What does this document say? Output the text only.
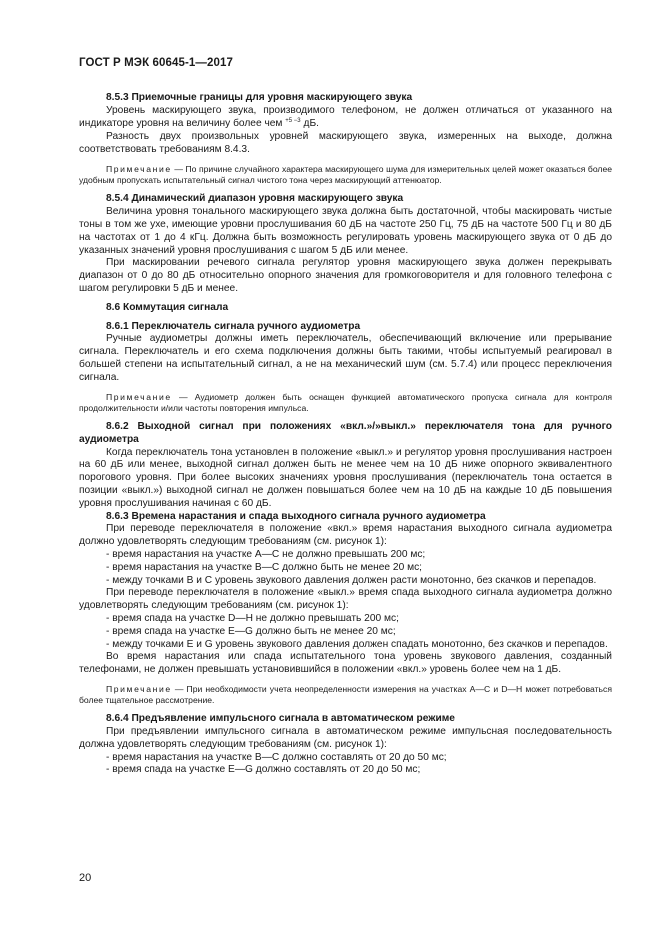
ГОСТ Р МЭК 60645-1—2017

8.5.3 Приемочные границы для уровня маскирующего звука

Уровень маскирующего звука, производимого телефоном, не должен отличаться от указанного на индикаторе уровня на величину более чем $^{+5 -3}$ дБ.

Разность двух произвольных уровней маскирующего звука, измеренных на выходе, должна соответствовать требованиям 8.4.3.

Примечание — По причине случайного характера маскирующего шума для измерительных целей может оказаться более удобным пропускать испытательный сигнал чистого тона через маскирующий аттенюатор.

8.5.4 Динамический диапазон уровня маскирующего звука

Величина уровня тонального маскирующего звука должна быть достаточной, чтобы маскировать чистые тоны в том же ухе, имеющие уровни прослушивания 60 дБ на частоте 250 Гц, 75 дБ на частоте 500 Гц и 80 дБ на частотах от 1 до 4 кГц. Должна быть возможность регулировать уровень маскирующего звука от 0 дБ до указанных значений уровня прослушивания с шагом 5 дБ или менее.

При маскировании речевого сигнала регулятор уровня маскирующего звука должен перекрывать диапазон от 0 до 80 дБ относительно опорного значения для громкоговорителя и для головного телефона с шагом регулировки 5 дБ и менее.

8.6 Коммутация сигнала

8.6.1 Переключатель сигнала ручного аудиометра

Ручные аудиометры должны иметь переключатель, обеспечивающий включение или прерывание сигнала. Переключатель и его схема подключения должны быть такими, чтобы испытуемый реагировал в большей степени на испытательный сигнал, а не на механический шум (см. 5.7.4) или процесс переключения сигнала.

Примечание — Аудиометр должен быть оснащен функцией автоматического пропуска сигнала для контроля продолжительности и/или частоты повторения импульса.

8.6.2 Выходной сигнал при положениях «вкл.»/»выкл.» переключателя тона для ручного аудиометра

Когда переключатель тона установлен в положение «выкл.» и регулятор уровня прослушивания настроен на 60 дБ или менее, выходной сигнал должен быть не менее чем на 10 дБ ниже опорного эквивалентного порогового уровня. При более высоких значениях уровня прослушивания (переключатель тона остается в позиции «выкл.») выходной сигнал не должен повышаться более чем на 10 дБ на каждые 10 дБ повышения уровня прослушивания начиная с 60 дБ.

8.6.3 Времена нарастания и спада выходного сигнала ручного аудиометра

При переводе переключателя в положение «вкл.» время нарастания выходного сигнала аудиометра должно удовлетворять следующим требованиям (см. рисунок 1):

- время нарастания на участке A—C не должно превышать 200 мс;

- время нарастания на участке B—C должно быть не менее 20 мс;

- между точками B и C уровень звукового давления должен расти монотонно, без скачков и перепадов.

При переводе переключателя в положение «выкл.» время спада выходного сигнала аудиометра должно удовлетворять следующим требованиям (см. рисунок 1):

- время спада на участке D—H не должно превышать 200 мс;

- время спада на участке E—G должно быть не менее 20 мс;

- между точками E и G уровень звукового давления должен спадать монотонно, без скачков и перепадов.

Во время нарастания или спада испытательного тона уровень звукового давления, созданный телефонами, не должен превышать установившийся в положении «вкл.» уровень более чем на 1 дБ.

Примечание — При необходимости учета неопределенности измерения на участках A—C и D—H может потребоваться более тщательное рассмотрение.

8.6.4 Предъявление импульсного сигнала в автоматическом режиме

При предъявлении импульсного сигнала в автоматическом режиме импульсная последовательность должна удовлетворять следующим требованиям (см. рисунок 1):

- время нарастания на участке B—C должно составлять от 20 до 50 мс;

- время спада на участке E—G должно составлять от 20 до 50 мс;

20
